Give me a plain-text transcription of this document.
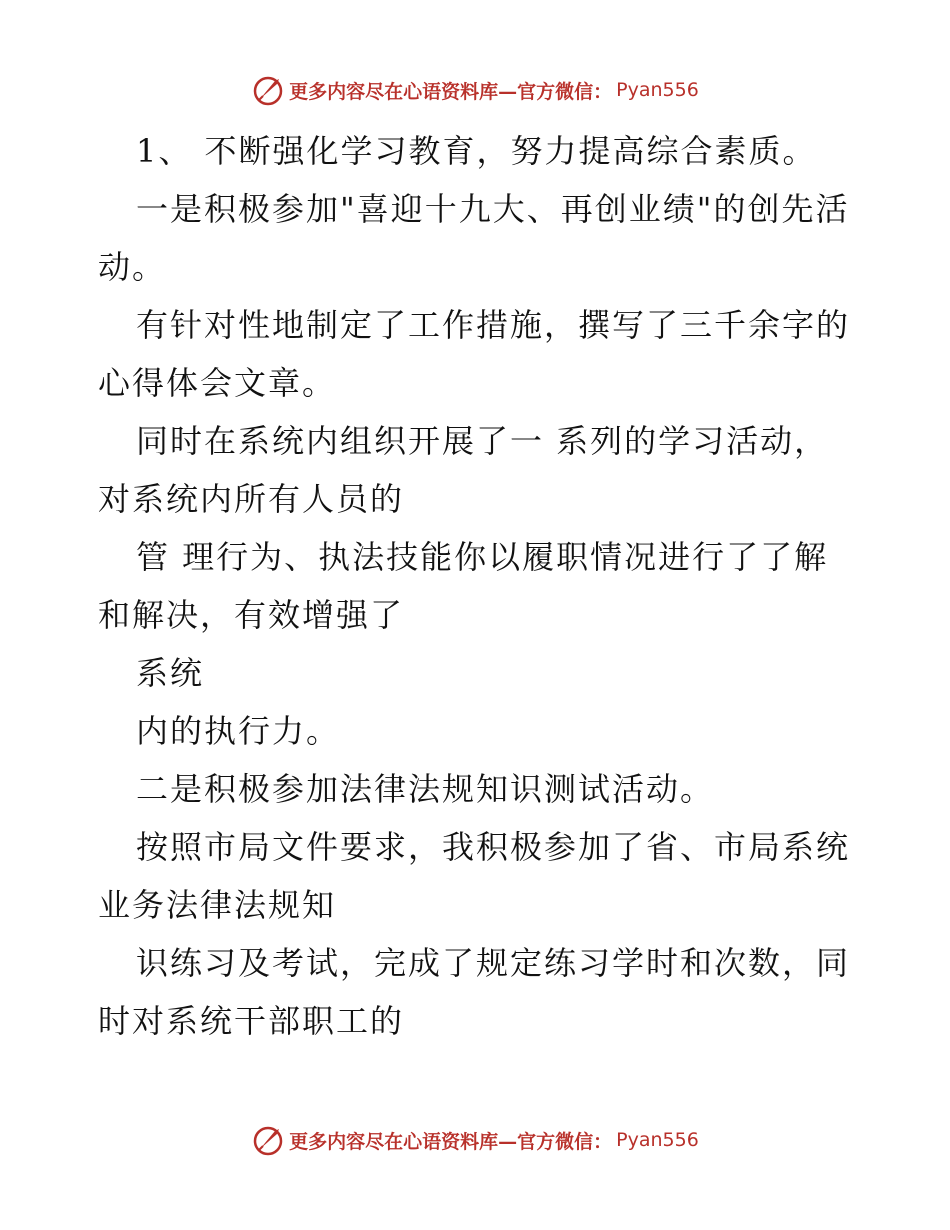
更多内容尽在心语资料库—官方微信： Pyan556
1、 不断强化学习教育，努力提高综合素质。
一是积极参加"喜迎十九大、再创业绩"的创先活
动。
有针对性地制定了工作措施，撰写了三千余字的
心得体会文章。
同时在系统内组织开展了一 系列的学习活动，
对系统内所有人员的
管 理行为、执法技能你以履职情况进行了了解
和解决，有效增强了
系统
内的执行力。
二是积极参加法律法规知识测试活动。
按照市局文件要求，我积极参加了省、市局系统
业务法律法规知
识练习及考试，完成了规定练习学时和次数，同
时对系统干部职工的
更多内容尽在心语资料库—官方微信： Pyan556
